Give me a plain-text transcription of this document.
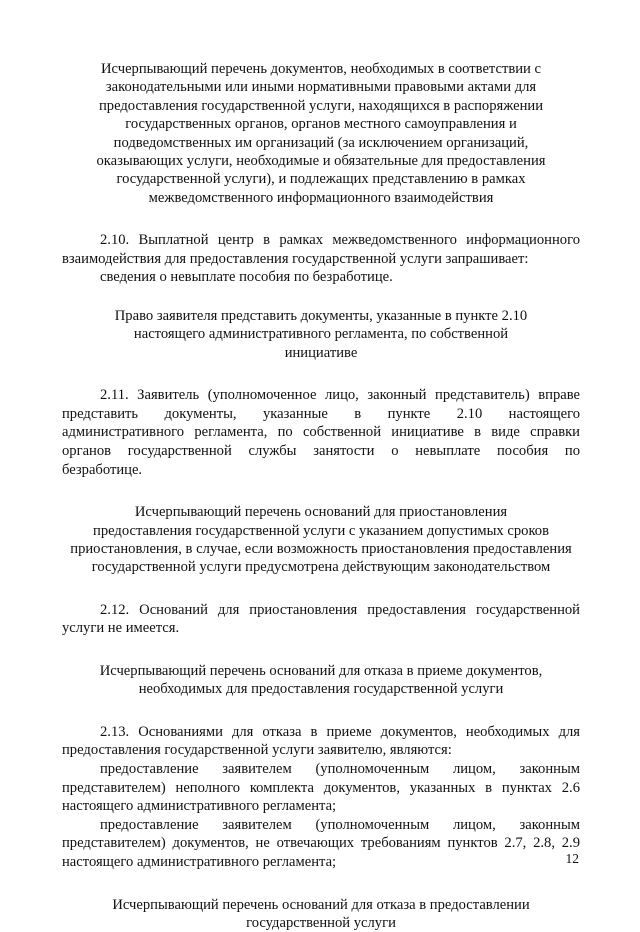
Исчерпывающий перечень документов, необходимых в соответствии с
законодательными или иными нормативными правовыми актами для
предоставления государственной услуги, находящихся в распоряжении
государственных органов, органов местного самоуправления и
подведомственных им организаций (за исключением организаций,
оказывающих услуги, необходимые и обязательные для предоставления
государственной услуги), и подлежащих представлению в рамках
межведомственного информационного взаимодействия
2.10. Выплатной центр в рамках межведомственного информационного
взаимодействия для предоставления государственной услуги запрашивает:
сведения о невыплате пособия по безработице.
Право заявителя представить документы, указанные в пункте 2.10
настоящего административного регламента, по собственной
инициативе
2.11. Заявитель (уполномоченное лицо, законный представитель) вправе
представить документы, указанные в пункте 2.10 настоящего
административного регламента, по собственной инициативе в виде справки
органов государственной службы занятости о невыплате пособия по
безработице.
Исчерпывающий перечень оснований для приостановления
предоставления государственной услуги с указанием допустимых сроков
приостановления, в случае, если возможность приостановления предоставления
государственной услуги предусмотрена действующим законодательством
2.12. Оснований для приостановления предоставления государственной
услуги не имеется.
Исчерпывающий перечень оснований для отказа в приеме документов,
необходимых для предоставления государственной услуги
2.13. Основаниями для отказа в приеме документов, необходимых для
предоставления государственной услуги заявителю, являются:
предоставление заявителем (уполномоченным лицом, законным
представителем) неполного комплекта документов, указанных в пунктах 2.6
настоящего административного регламента;
предоставление заявителем (уполномоченным лицом, законным
представителем) документов, не отвечающих требованиям пунктов 2.7, 2.8, 2.9
настоящего административного регламента;
Исчерпывающий перечень оснований для отказа в предоставлении
государственной услуги
12
